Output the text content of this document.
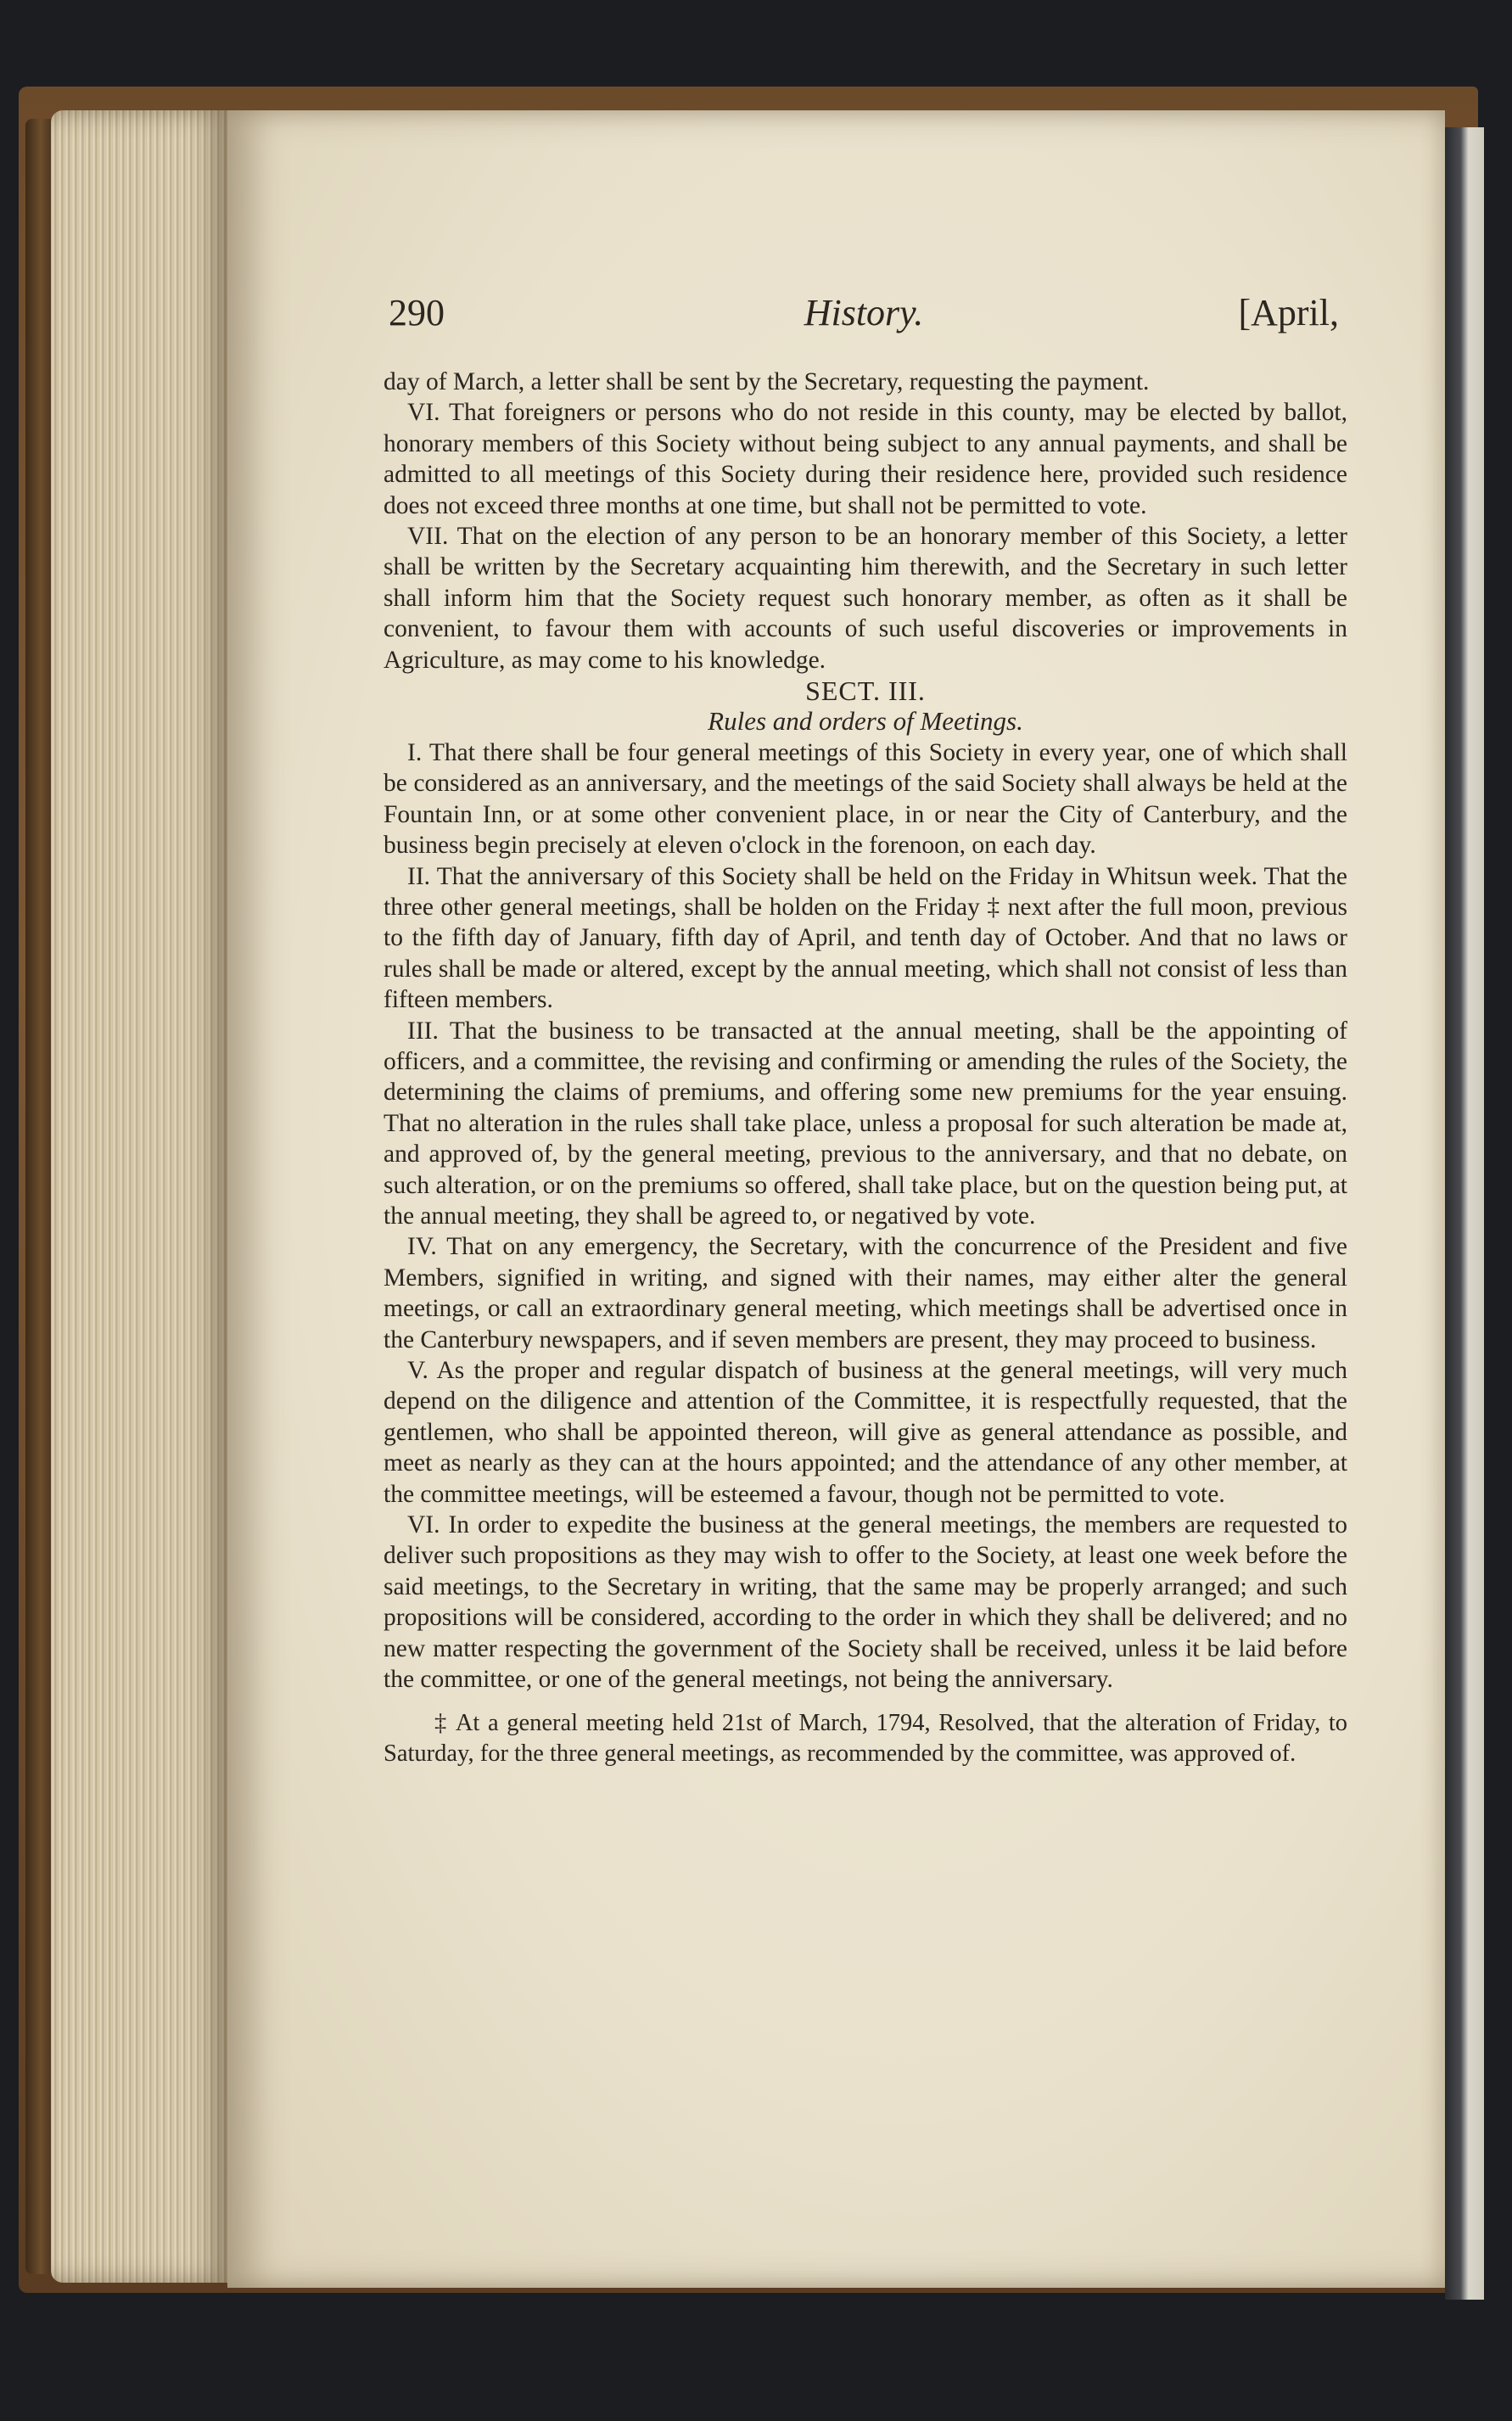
290	History.	[April,

day of March, a letter shall be sent by the Secretary, requesting the payment.

VI. That foreigners or persons who do not reside in this county, may be elected by ballot, honorary members of this Society without being subject to any annual payments, and shall be admitted to all meetings of this Society during their residence here, provided such residence does not exceed three months at one time, but shall not be permitted to vote.

VII. That on the election of any person to be an honorary member of this Society, a letter shall be written by the Secretary acquainting him therewith, and the Secretary in such letter shall inform him that the Society request such honorary member, as often as it shall be convenient, to favour them with accounts of such useful discoveries or improvements in Agriculture, as may come to his knowledge.

SECT. III.

Rules and orders of Meetings.

I. That there shall be four general meetings of this Society in every year, one of which shall be considered as an anniversary, and the meetings of the said Society shall always be held at the Fountain Inn, or at some other convenient place, in or near the City of Canterbury, and the business begin precisely at eleven o'clock in the forenoon, on each day.

II. That the anniversary of this Society shall be held on the Friday in Whitsun week. That the three other general meetings, shall be holden on the Friday ‡ next after the full moon, previous to the fifth day of January, fifth day of April, and tenth day of October. And that no laws or rules shall be made or altered, except by the annual meeting, which shall not consist of less than fifteen members.

III. That the business to be transacted at the annual meeting, shall be the appointing of officers, and a committee, the revising and confirming or amending the rules of the Society, the determining the claims of premiums, and offering some new premiums for the year ensuing. That no alteration in the rules shall take place, unless a proposal for such alteration be made at, and approved of, by the general meeting, previous to the anniversary, and that no debate, on such alteration, or on the premiums so offered, shall take place, but on the question being put, at the annual meeting, they shall be agreed to, or negatived by vote.

IV. That on any emergency, the Secretary, with the concurrence of the President and five Members, signified in writing, and signed with their names, may either alter the general meetings, or call an extraordinary general meeting, which meetings shall be advertised once in the Canterbury newspapers, and if seven members are present, they may proceed to business.

V. As the proper and regular dispatch of business at the general meetings, will very much depend on the diligence and attention of the Committee, it is respectfully requested, that the gentlemen, who shall be appointed thereon, will give as general attendance as possible, and meet as nearly as they can at the hours appointed; and the attendance of any other member, at the committee meetings, will be esteemed a favour, though not be permitted to vote.

VI. In order to expedite the business at the general meetings, the members are requested to deliver such propositions as they may wish to offer to the Society, at least one week before the said meetings, to the Secretary in writing, that the same may be properly arranged; and such propositions will be considered, according to the order in which they shall be delivered; and no new matter respecting the government of the Society shall be received, unless it be laid before the committee, or one of the general meetings, not being the anniversary.

‡ At a general meeting held 21st of March, 1794, Resolved, that the alteration of Friday, to Saturday, for the three general meetings, as recommended by the committee, was approved of.
